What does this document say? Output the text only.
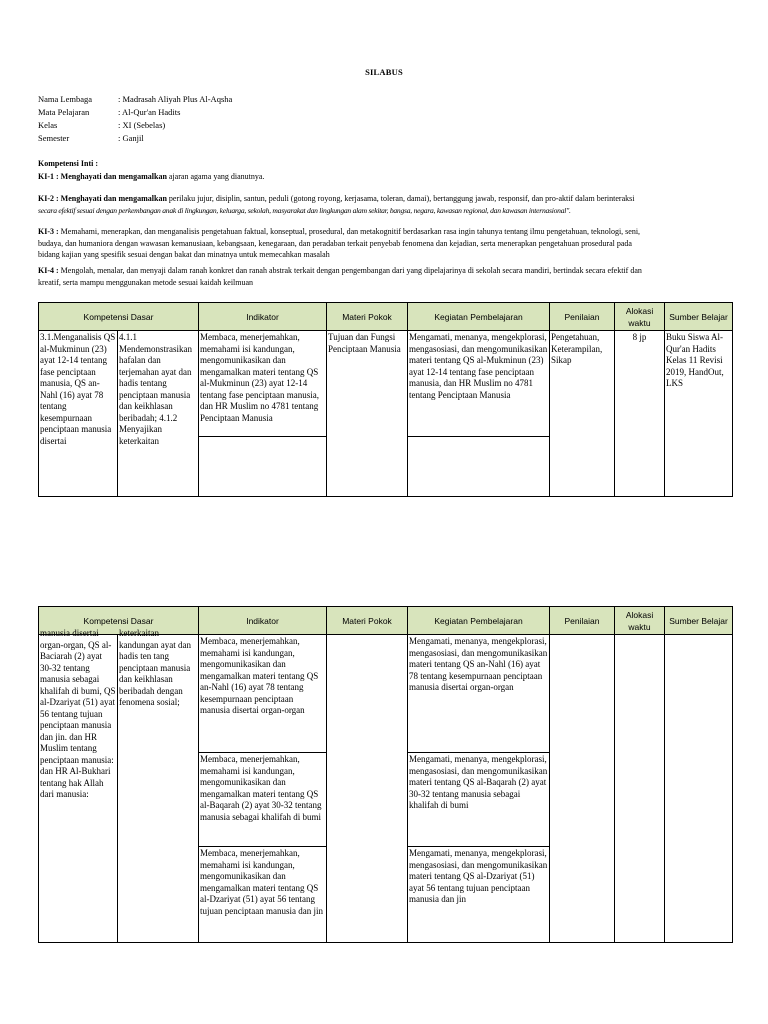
SILABUS
Nama Lembaga	: Madrasah Aliyah Plus Al-Aqsha
Mata Pelajaran	: Al-Qur'an Hadits
Kelas	: XI (Sebelas)
Semester	: Ganjil
Kompetensi Inti :
KI-1 : Menghayati dan mengamalkan ajaran agama yang dianutnya.
KI-2 : Menghayati dan mengamalkan perilaku jujur, disiplin, santun, peduli (gotong royong, kerjasama, toleran, damai), bertanggung jawab, responsif, dan pro-aktif dalam berinteraksi
secara efektif sesuai dengan perkembangan anak di lingkungan, keluarga, sekolah, masyarakat dan lingkungan alam sekitar, bangsa, negara, kawasan regional, dan kawasan internasional".
KI-3 : Memahami, menerapkan, dan menganalisis pengetahuan faktual, konseptual, prosedural, dan metakognitif berdasarkan rasa ingin tahunya tentang ilmu pengetahuan, teknologi, seni,
budaya, dan humaniora dengan wawasan kemanusiaan, kebangsaan, kenegaraan, dan peradaban terkait penyebab fenomena dan kejadian, serta menerapkan pengetahuan prosedural pada
bidang kajian yang spesifik sesuai dengan bakat dan minatnya untuk memecahkan masalah
KI-4 : Mengolah, menalar, dan menyaji dalam ranah konkret dan ranah abstrak terkait dengan pengembangan dari yang dipelajarinya di sekolah secara mandiri, bertindak secara efektif dan
kreatif, serta mampu menggunakan metode sesuai kaidah keilmuan
Kompetensi Dasar		Indikator	Materi Pokok	Kegiatan Pembelajaran	Penilaian	Alokasi waktu	Sumber Belajar
3.1.Menganalisis QS al-Mukminun (23) ayat 12-14 tentang fase penciptaan manusia, QS an-Nahl (16) ayat 78 tentang kesempurnaan penciptaan manusia disertai	4.1.1 Mendemonstrasikan hafalan dan terjemahan ayat dan hadis tentang penciptaan manusia dan keikhlasan beribadah; 4.1.2 Menyajikan keterkaitan	Membaca, menerjemahkan, memahami isi kandungan, mengomunikasikan dan mengamalkan materi tentang QS al-Mukminun (23) ayat 12-14 tentang fase penciptaan manusia, dan HR Muslim no 4781 tentang Penciptaan Manusia	Tujuan dan Fungsi Penciptaan Manusia	Mengamati, menanya, mengekplorasi, mengasosiasi, dan mengomunikasikan materi tentang QS al-Mukminun (23) ayat 12-14 tentang fase penciptaan manusia, dan HR Muslim no 4781 tentang Penciptaan Manusia	Pengetahuan, Keterampilan, Sikap	8 jp	Buku Siswa Al-Qur'an Hadits Kelas 11 Revisi 2019, HandOut, LKS

Kompetensi Dasar		Indikator	Materi Pokok	Kegiatan Pembelajaran	Penilaian	Alokasi waktu	Sumber Belajar

manusia disertai organ-organ, QS al-Baciarah (2) ayat 30-32 tentang manusia sebagai khalifah di bumi, QS al-Dzariyat (51) ayat 56 tentang tujuan penciptaan manusia dan jin. dan HR Muslim tentang penciptaan manusia: dan HR Al-Bukhari tentang hak Allah dari manusia:	keterkaitan kandungan ayat dan hadis ten tang penciptaan manusia dan keikhlasan beribadah dengan fenomena sosial;	Membaca, menerjemahkan, memahami isi kandungan, mengomunikasikan dan mengamalkan materi tentang QS an-Nahl (16) ayat 78 tentang kesempurnaan penciptaan manusia disertai organ-organ		Mengamati, menanya, mengekplorasi, mengasosiasi, dan mengomunikasikan materi tentang QS an-Nahl (16) ayat 78 tentang kesempurnaan penciptaan manusia disertai organ-organ			
		Membaca, menerjemahkan, memahami isi kandungan, mengomunikasikan dan mengamalkan materi tentang QS al-Baqarah (2) ayat 30-32 tentang manusia sebagai khalifah di bumi		Mengamati, menanya, mengekplorasi, mengasosiasi, dan mengomunikasikan materi tentang QS al-Baqarah (2) ayat 30-32 tentang manusia sebagai khalifah di bumi			
		Membaca, menerjemahkan, memahami isi kandungan, mengomunikasikan dan mengamalkan materi tentang QS al-Dzariyat (51) ayat 56 tentang tujuan penciptaan manusia dan jin		Mengamati, menanya, mengekplorasi, mengasosiasi, dan mengomunikasikan materi tentang QS al-Dzariyat (51) ayat 56 tentang tujuan penciptaan manusia dan jin			
